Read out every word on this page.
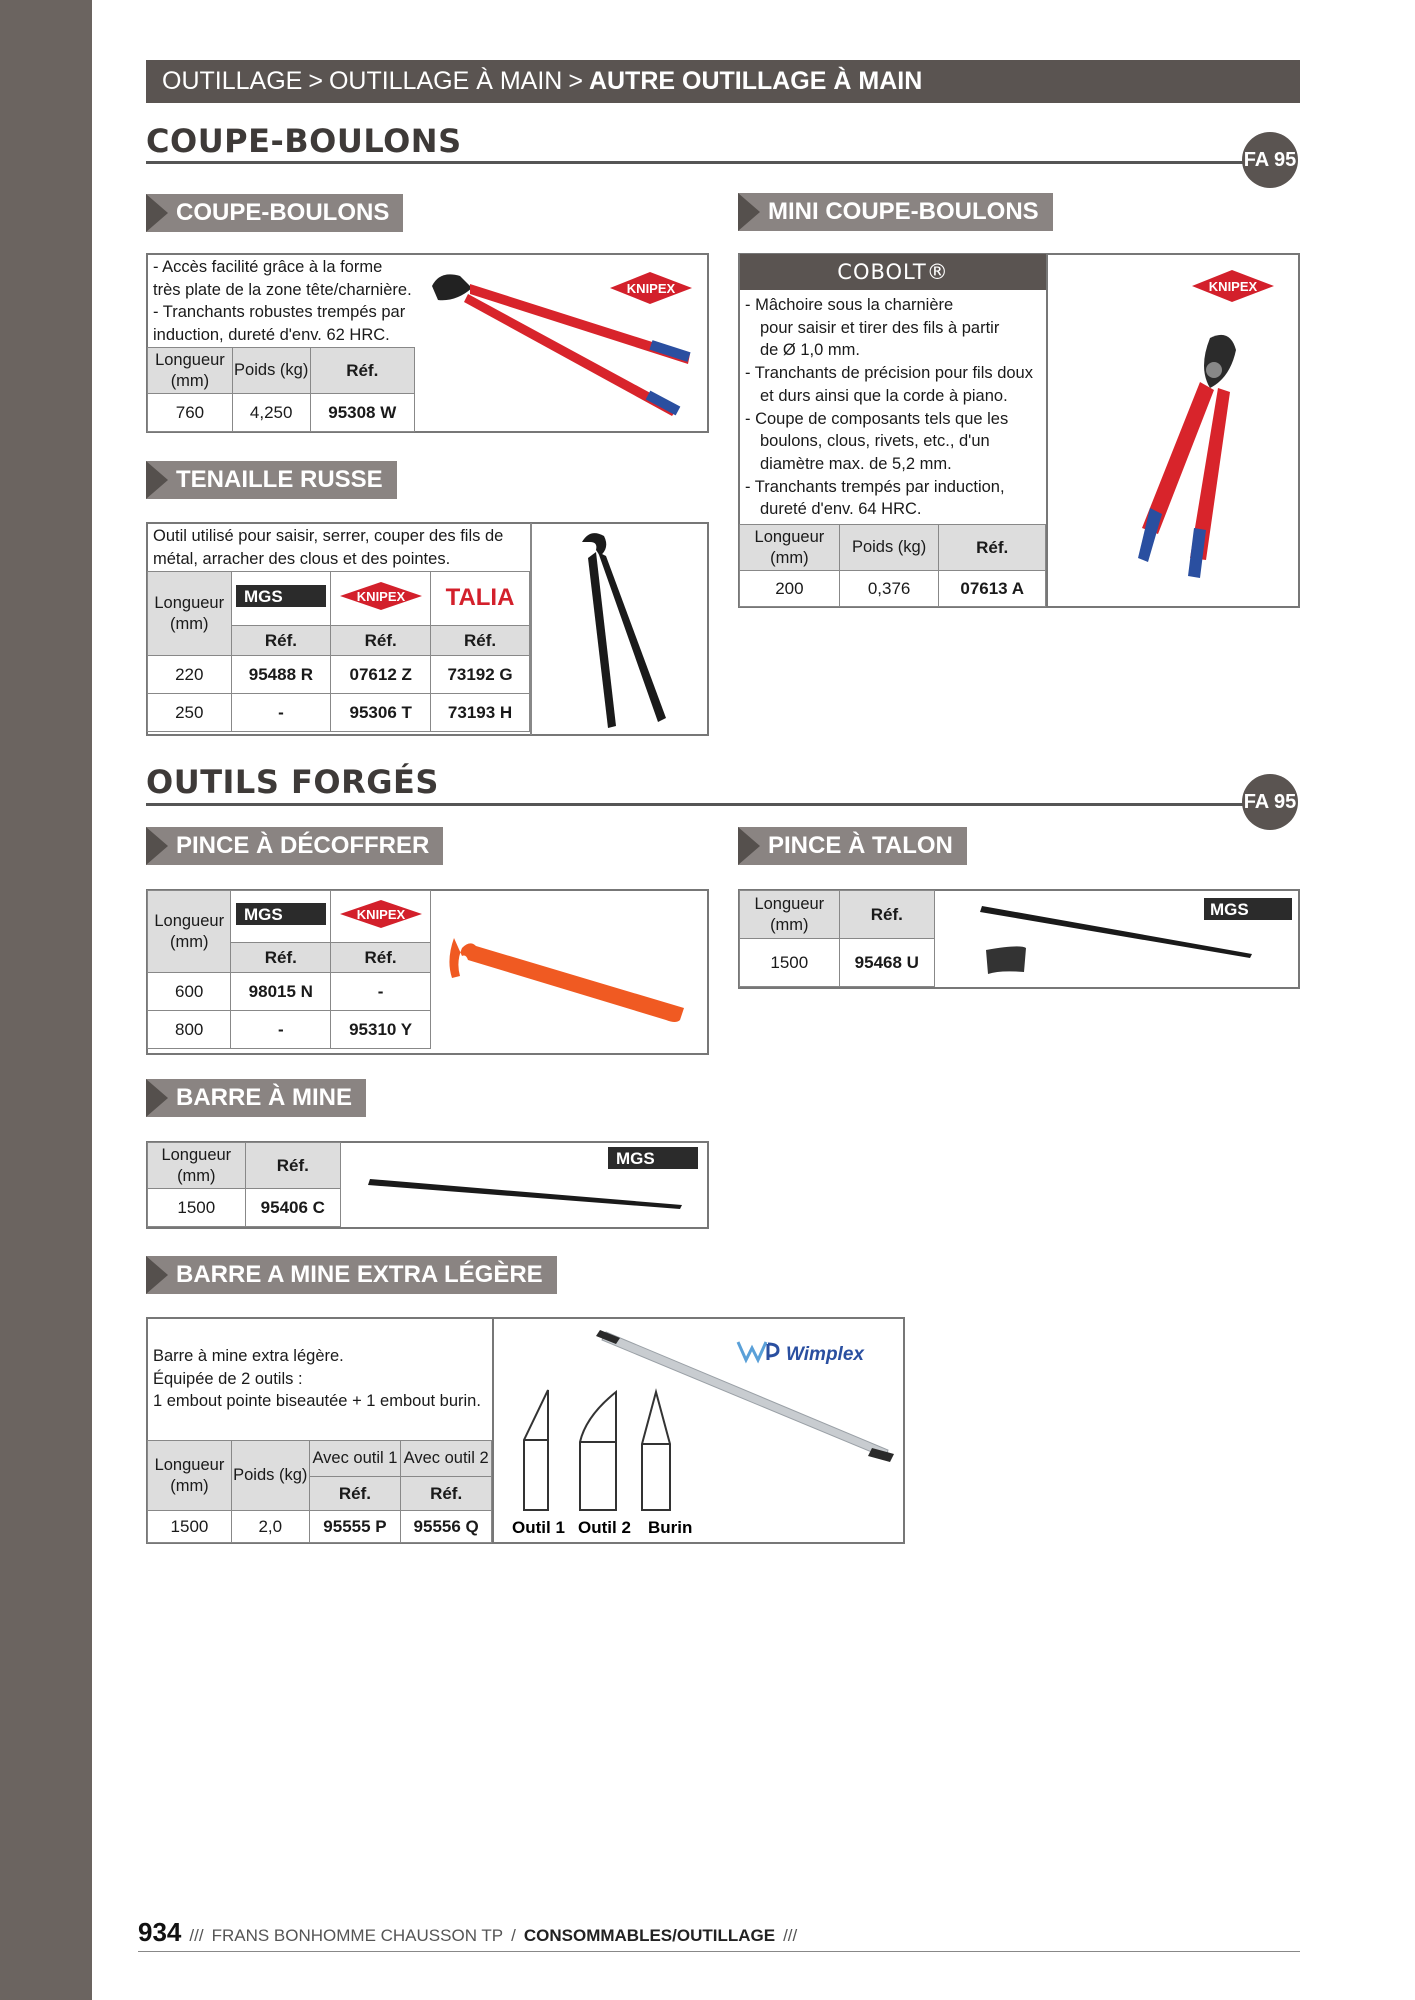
OUTILLAGE > OUTILLAGE À MAIN > AUTRE OUTILLAGE À MAIN
COUPE-BOULONS	FA 95
COUPE-BOULONS
- Accès facilité grâce à la forme
très plate de la zone tête/charnière.
- Tranchants robustes trempés par
induction, dureté d'env. 62 HRC.
Longueur (mm)	Poids (kg)	Réf.
760	4,250	95308 W
KNIPEX
MINI COUPE-BOULONS
COBOLT®
- Mâchoire sous la charnière
pour saisir et tirer des fils à partir
de Ø 1,0 mm.
- Tranchants de précision pour fils doux
et durs ainsi que la corde à piano.
- Coupe de composants tels que les
boulons, clous, rivets, etc., d'un
diamètre max. de 5,2 mm.
- Tranchants trempés par induction,
dureté d'env. 64 HRC.
Longueur (mm)	Poids (kg)	Réf.
200	0,376	07613 A
KNIPEX
TENAILLE RUSSE
Outil utilisé pour saisir, serrer, couper des fils de
métal, arracher des clous et des pointes.
Longueur (mm)	MGS	KNIPEX	TALIA

	Réf.	Réf.	Réf.
220	95488 R	07612 Z	73192 G
250	-	95306 T	73193 H
OUTILS FORGÉS
FA 95
PINCE À DÉCOFFRER
Longueur (mm)	MGS	KNIPEX

	Réf.	Réf.
600	98015 N	-
800	-	95310 Y
PINCE À TALON
Longueur (mm)	Réf.
1500	95468 U
MGS
BARRE À MINE
Longueur (mm)	Réf.
1500	95406 C
MGS
BARRE A MINE EXTRA LÉGÈRE
Barre à mine extra légère.
Équipée de 2 outils :
1 embout pointe biseautée + 1 embout burin.
Longueur (mm)	Poids (kg)	Avec outil 1	Avec outil 2
		Réf.	Réf.
1500	2,0	95555 P	95556 Q
Wimplex
Outil 1 Outil 2 Burin
934 /// FRANS BONHOMME CHAUSSON TP / CONSOMMABLES/OUTILLAGE ///
